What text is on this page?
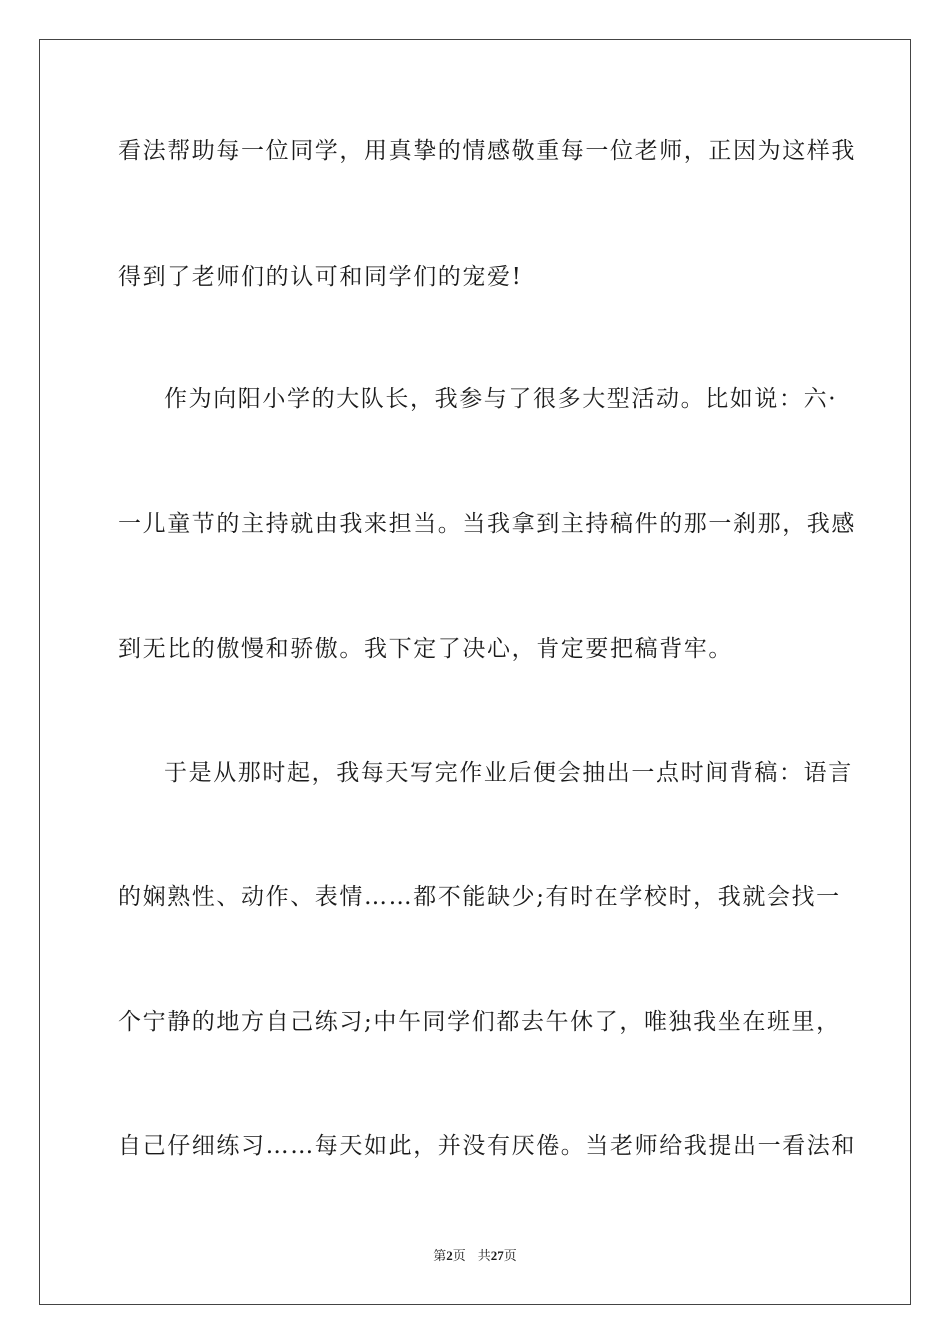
看法帮助每一位同学，用真挚的情感敬重每一位老师，正因为这样我
得到了老师们的认可和同学们的宠爱!
作为向阳小学的大队长，我参与了很多大型活动。比如说：六·
一儿童节的主持就由我来担当。当我拿到主持稿件的那一刹那，我感
到无比的傲慢和骄傲。我下定了决心，肯定要把稿背牢。
于是从那时起，我每天写完作业后便会抽出一点时间背稿：语言
的娴熟性、动作、表情……都不能缺少;有时在学校时，我就会找一
个宁静的地方自己练习;中午同学们都去午休了，唯独我坐在班里，
自己仔细练习……每天如此，并没有厌倦。当老师给我提出一看法和
第2页 共27页
